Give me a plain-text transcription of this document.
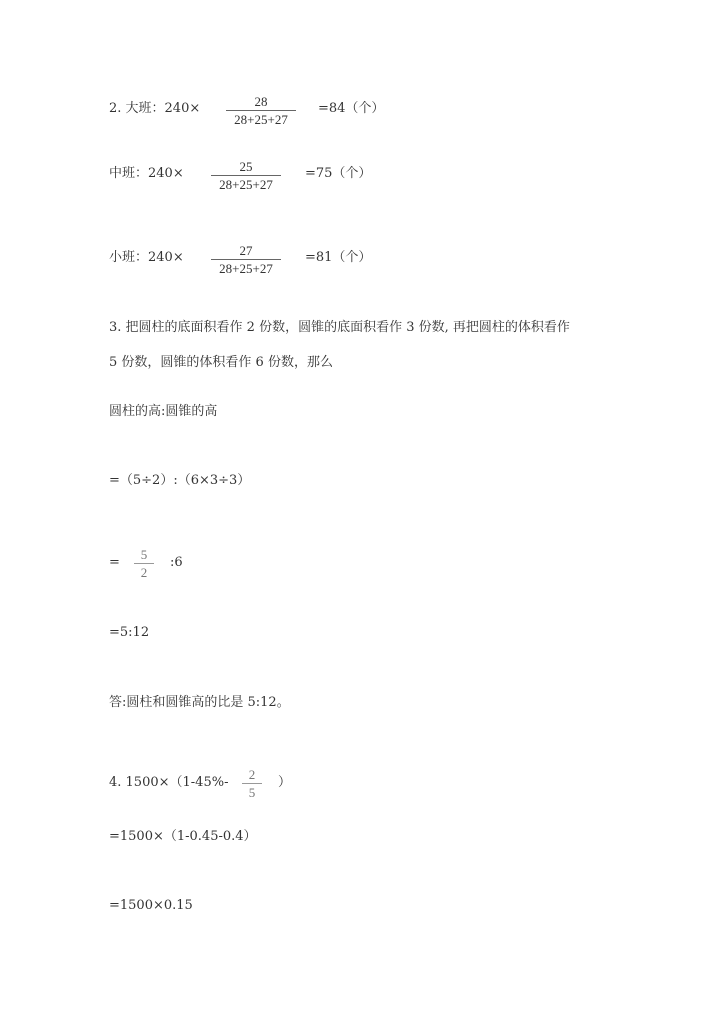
2. 大班：240×	28
28+25+27
=84（个）
中班：240×	25
28+25+27
=75（个）
小班：240×	27
28+25+27
=81（个）
3. 把圆柱的底面积看作 2 份数，圆锥的底面积看作 3 份数, 再把圆柱的体积看作
5 份数，圆锥的体积看作 6 份数，那么
圆柱的高:圆锥的高
=（5÷2）:（6×3÷3）
=
5
2
:6
=5:12
答:圆柱和圆锥高的比是 5:12。
4. 1500×（1-45%-
2
5
）
=1500×（1-0.45-0.4）
=1500×0.15
